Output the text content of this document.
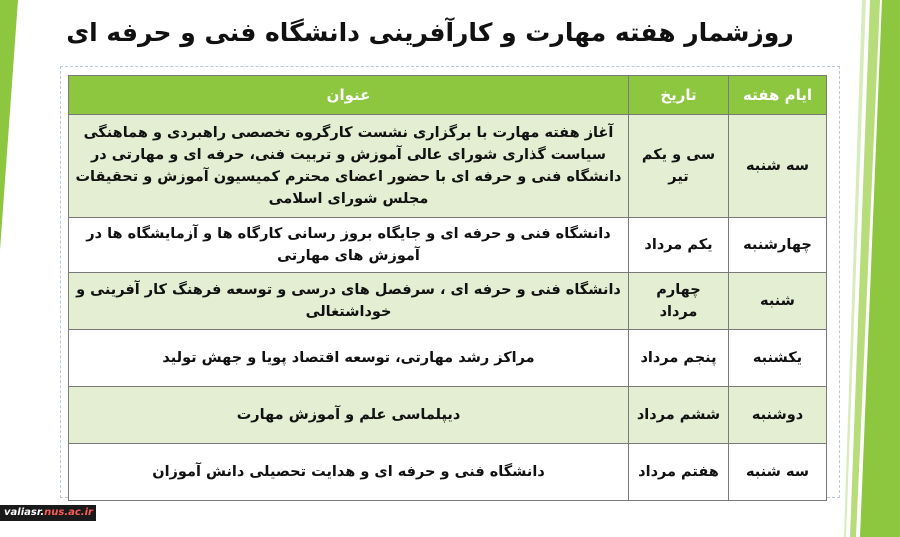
روزشمار هفته مهارت و کارآفرینی دانشگاه فنی و حرفه ای
ایام هفته	تاریخ	عنوان
سه شنبه	سی و یکم تیر	آغاز هفته مهارت با برگزاری نشست کارگروه تخصصی راهبردی و هماهنگی سیاست گذاری شورای عالی آموزش و تربیت فنی، حرفه ای و مهارتی در دانشگاه فنی و حرفه ای با حضور اعضای محترم کمیسیون آموزش و تحقیقات مجلس شورای اسلامی
چهارشنبه	یکم مرداد	دانشگاه فنی و حرفه ای و جایگاه بروز رسانی کارگاه ها و آزمایشگاه ها در آموزش های مهارتی
شنبه	چهارم مرداد	دانشگاه فنی و حرفه ای ، سرفصل های درسی و توسعه فرهنگ کار آفرینی و خوداشتغالی
یکشنبه	پنجم مرداد	مراکز رشد مهارتی، توسعه اقتصاد پویا و جهش تولید
دوشنبه	ششم مرداد	دیپلماسی علم و آموزش مهارت
سه شنبه	هفتم مرداد	دانشگاه فنی و حرفه ای و هدایت تحصیلی دانش آموزان
valiasr.nus.ac.ir
